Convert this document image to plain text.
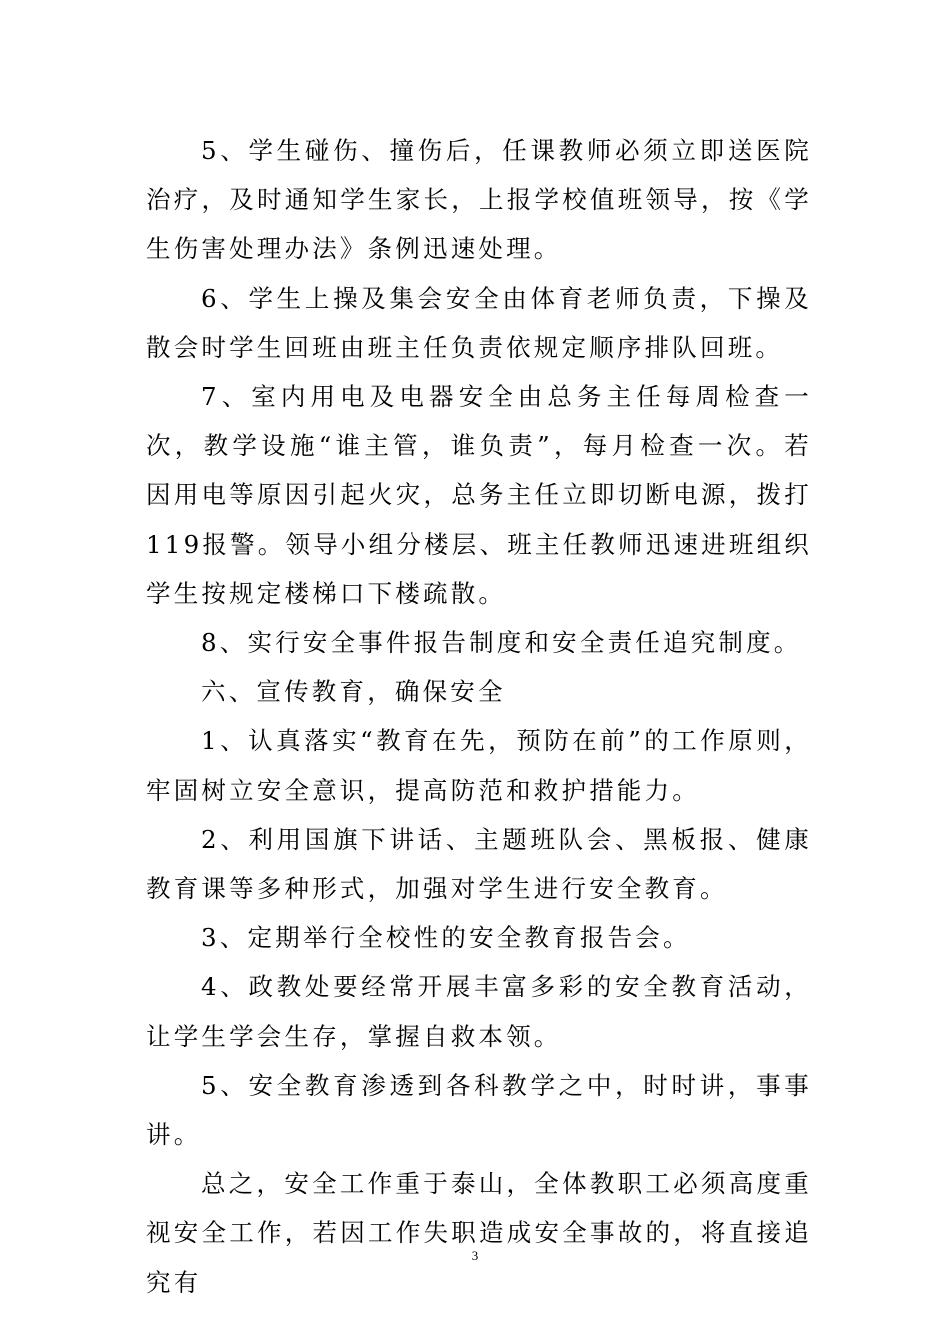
5、学生碰伤、撞伤后，任课教师必须立即送医院治疗，及时通知学生家长，上报学校值班领导，按《学生伤害处理办法》条例迅速处理。

6、学生上操及集会安全由体育老师负责，下操及散会时学生回班由班主任负责依规定顺序排队回班。

7、室内用电及电器安全由总务主任每周检查一次，教学设施“谁主管，谁负责”，每月检查一次。若因用电等原因引起火灾，总务主任立即切断电源，拨打119报警。领导小组分楼层、班主任教师迅速进班组织学生按规定楼梯口下楼疏散。

8、实行安全事件报告制度和安全责任追究制度。

六、宣传教育，确保安全

1、认真落实“教育在先，预防在前”的工作原则，牢固树立安全意识，提高防范和救护措能力。

2、利用国旗下讲话、主题班队会、黑板报、健康教育课等多种形式，加强对学生进行安全教育。

3、定期举行全校性的安全教育报告会。

4、政教处要经常开展丰富多彩的安全教育活动，让学生学会生存，掌握自救本领。

5、安全教育渗透到各科教学之中，时时讲，事事讲。

总之，安全工作重于泰山，全体教职工必须高度重视安全工作，若因工作失职造成安全事故的，将直接追究有

3
